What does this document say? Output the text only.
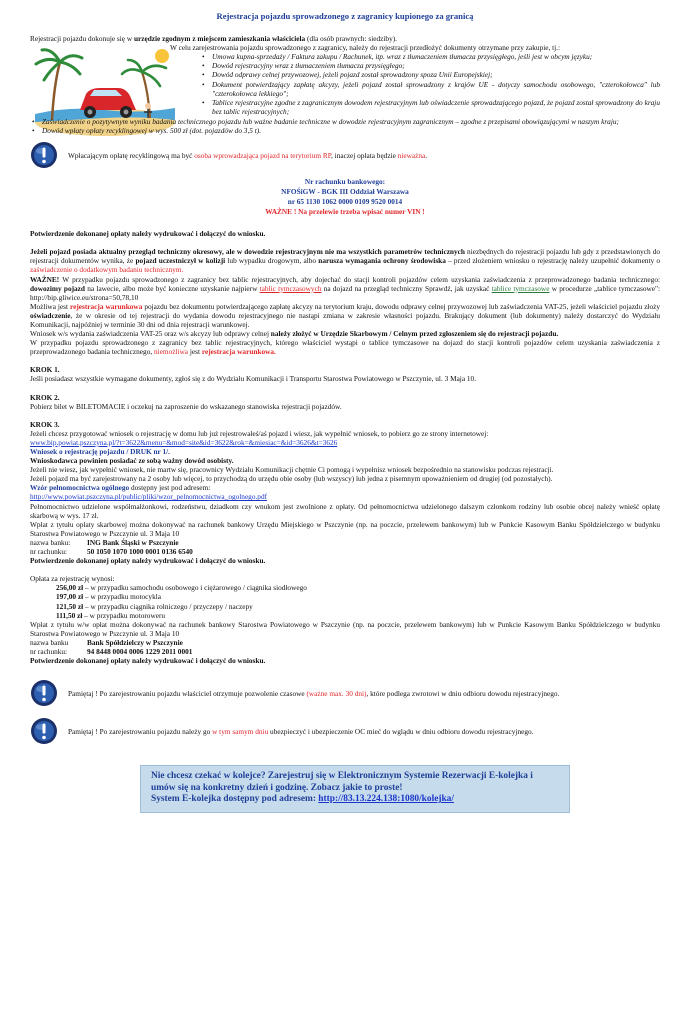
Rejestracja pojazdu sprowadzonego z zagranicy kupionego za granicą
Rejestracji pojazdu dokonuje się w urzędzie zgodnym z miejscem zamieszkania właściciela (dla osób prawnych: siedziby).
W celu zarejestrowania pojazdu sprowadzonego z zagranicy, należy do rejestracji przedłożyć dokumenty otrzymane przy zakupie, tj.:
• Umowa kupna-sprzedaży / Faktura zakupu / Rachunek, itp. wraz z tłumaczeniem tłumacza przysięgłego, jeśli jest w obcym języku;
• Dowód rejestracyjny wraz z tłumaczeniem tłumacza przysięgłego;
• Dowód odprawy celnej przywozowej, jeżeli pojazd został sprowadzony spoza Unii Europejskiej;
• Dokument potwierdzający zapłatę akcyzy, jeżeli pojazd został sprowadzony z krajów UE - dotyczy samochodu osobowego, "czterokołowca" lub "czterokołowca lekkiego";
• Tablice rejestracyjne zgodne z zagranicznym dowodem rejestracyjnym lub oświadczenie sprowadzającego pojazd, że pojazd został sprowadzony do kraju bez tablic rejestracyjnych;
• Zaświadczenie o pozytywnym wyniku badania technicznego pojazdu lub ważne badanie techniczne w dowodzie rejestracyjnym zagranicznym – zgodne z przepisami obowiązującymi w naszym kraju;
• Dowód wpłaty opłaty recyklingowej w wys. 500 zł (dot. pojazdów do 3,5 t).
Wpłacającym opłatę recyklingową ma być osoba wprowadzająca pojazd na terytorium RP, inaczej opłata będzie nieważna.
Nr rachunku bankowego:
NFOŚiGW - BGK III Oddział Warszawa
nr 65 1130 1062 0000 0109 9520 0014
WAŻNE ! Na przelewie trzeba wpisać numer VIN !
Potwierdzenie dokonanej opłaty należy wydrukować i dołączyć do wniosku.
Jeżeli pojazd posiada aktualny przegląd techniczny okresowy, ale w dowodzie rejestracyjnym nie ma wszystkich parametrów technicznych niezbędnych do rejestracji pojazdu lub gdy z przedstawionych do rejestracji dokumentów wynika, że pojazd uczestniczył w kolizji lub wypadku drogowym, albo narusza wymagania ochrony środowiska – przed złożeniem wniosku o rejestrację należy uzupełnić dokumenty o zaświadczenie o dodatkowym badaniu technicznym.
WAŻNE! W przypadku pojazdu sprowadzonego z zagranicy bez tablic rejestracyjnych, aby dojechać do stacji kontroli pojazdów celem uzyskania zaświadczenia z przeprowadzonego badania technicznego: dowozimy pojazd na lawecie, albo może być konieczne uzyskanie najpierw tablic tymczasowych na dojazd na przegląd techniczny Sprawdź, jak uzyskać tablice tymczasowe w procedurze „tablice tymczasowe": http://bip.gliwice.eu/strona=50,78,10
Możliwa jest rejestracja warunkowa pojazdu bez dokumentu potwierdzającego zapłatę akcyzy na terytorium kraju, dowodu odprawy celnej przywozowej lub zaświadczenia VAT-25, jeżeli właściciel pojazdu złoży oświadczenie, że w okresie od tej rejestracji do wydania dowodu rejestracyjnego nie nastąpi zmiana w zakresie własności pojazdu. Brakujący dokument (lub dokumenty) należy dostarczyć do Wydziału Komunikacji, najpóźniej w terminie 30 dni od dnia rejestracji warunkowej.
Wniosek w/s wydania zaświadczenia VAT-25 oraz w/s akcyzy lub odprawy celnej należy złożyć w Urzędzie Skarbowym / Celnym przed zgłoszeniem się do rejestracji pojazdu.
W przypadku pojazdu sprowadzonego z zagranicy bez tablic rejestracyjnych, którego właściciel wystąpi o tablice tymczasowe na dojazd do stacji kontroli pojazdów celem uzyskania zaświadczenia z przeprowadzonego badania technicznego, niemożliwa jest rejestracja warunkowa.
KROK 1.
Jeśli posiadasz wszystkie wymagane dokumenty, zgłoś się z do Wydziału Komunikacji i Transportu Starostwa Powiatowego w Pszczynie, ul. 3 Maja 10.
KROK 2.
Pobierz bilet w BILETOMACIE i oczekuj na zaproszenie do wskazanego stanowiska rejestracji pojazdów.
KROK 3.
Jeżeli chcesz przygotować wniosek o rejestrację w domu lub już rejestrowałeś/aś pojazd i wiesz, jak wypełnić wniosek, to pobierz go ze strony internetowej:
www.bip.powiat.pszczyna.pl/?t=3622&menu=&mod=site&id=3622&rok=&miesiac=&id=3626&t=3626
Wniosek o rejestrację pojazdu / DRUK nr 1/.
Wnioskodawca powinien posiadać ze sobą ważny dowód osobisty.
Jeżeli nie wiesz, jak wypełnić wniosek, nie martw się, pracownicy Wydziału Komunikacji chętnie Ci pomogą i wypełnisz wniosek bezpośrednio na stanowisku podczas rejestracji.
Jeżeli pojazd ma być zarejestrowany na 2 osoby lub więcej, to przychodzą do urzędu obie osoby (lub wszyscy) lub jedna z pisemnym upoważnieniem od drugiej (od pozostałych).
Wzór pełnomocnictwa ogólnego dostępny jest pod adresem:
http://www.powiat.pszczyna.pl/public/pliki/wzor_pelnomocnictwa_ogolnego.pdf
Pełnomocnictwo udzielone współmałżonkowi, rodzeństwu, dziadkom czy wnukom jest zwolnione z opłaty. Od pełnomocnictwa udzielonego dalszym członkom rodziny lub osobie obcej należy wnieść opłatę skarbową w wys. 17 zł.
Wpłat z tytułu opłaty skarbowej można dokonywać na rachunek bankowy Urzędu Miejskiego w Pszczynie (np. na poczcie, przelewem bankowym) lub w Punkcie Kasowym Banku Spółdzielczego w budynku Starostwa Powiatowego w Pszczynie ul. 3 Maja 10
nazwa banku: ING Bank Śląski w Pszczynie
nr rachunku:	50 1050 1070 1000 0001 0136 6540
Potwierdzenie dokonanej opłaty należy wydrukować i dołączyć do wniosku.
Opłata za rejestrację wynosi:
256,00 zł – w przypadku samochodu osobowego i ciężarowego / ciągnika siodłowego
197,00 zł – w przypadku motocykla
121,50 zł – w przypadku ciągnika rolniczego / przyczepy / naczepy
111,50 zł – w przypadku motoroweru
Wpłat z tytułu w/w opłat można dokonywać na rachunek bankowy Starostwa Powiatowego w Pszczynie (np. na poczcie, przelewem bankowym) lub w Punkcie Kasowym Banku Spółdzielczego w budynku Starostwa Powiatowego w Pszczynie ul. 3 Maja 10
nazwa banku	Bank Spółdzielczy w Pszczynie
nr rachunku:	94 8448 0004 0006 1229 2011 0001
Potwierdzenie dokonanej opłaty należy wydrukować i dołączyć do wniosku.
Pamiętaj ! Po zarejestrowaniu pojazdu właściciel otrzymuje pozwolenie czasowe (ważne max. 30 dni), które podlega zwrotowi w dniu odbioru dowodu rejestracyjnego.
Pamiętaj ! Po zarejestrowaniu pojazdu należy go w tym samym dniu ubezpieczyć i ubezpieczenie OC mieć do wglądu w dniu odbioru dowodu rejestracyjnego.
Nie chcesz czekać w kolejce? Zarejestruj się w Elektronicznym Systemie Rezerwacji E-kolejka i umów się na konkretny dzień i godzinę. Zobacz jakie to proste!
System E-kolejka dostępny pod adresem: http://83.13.224.138:1080/kolejka/
